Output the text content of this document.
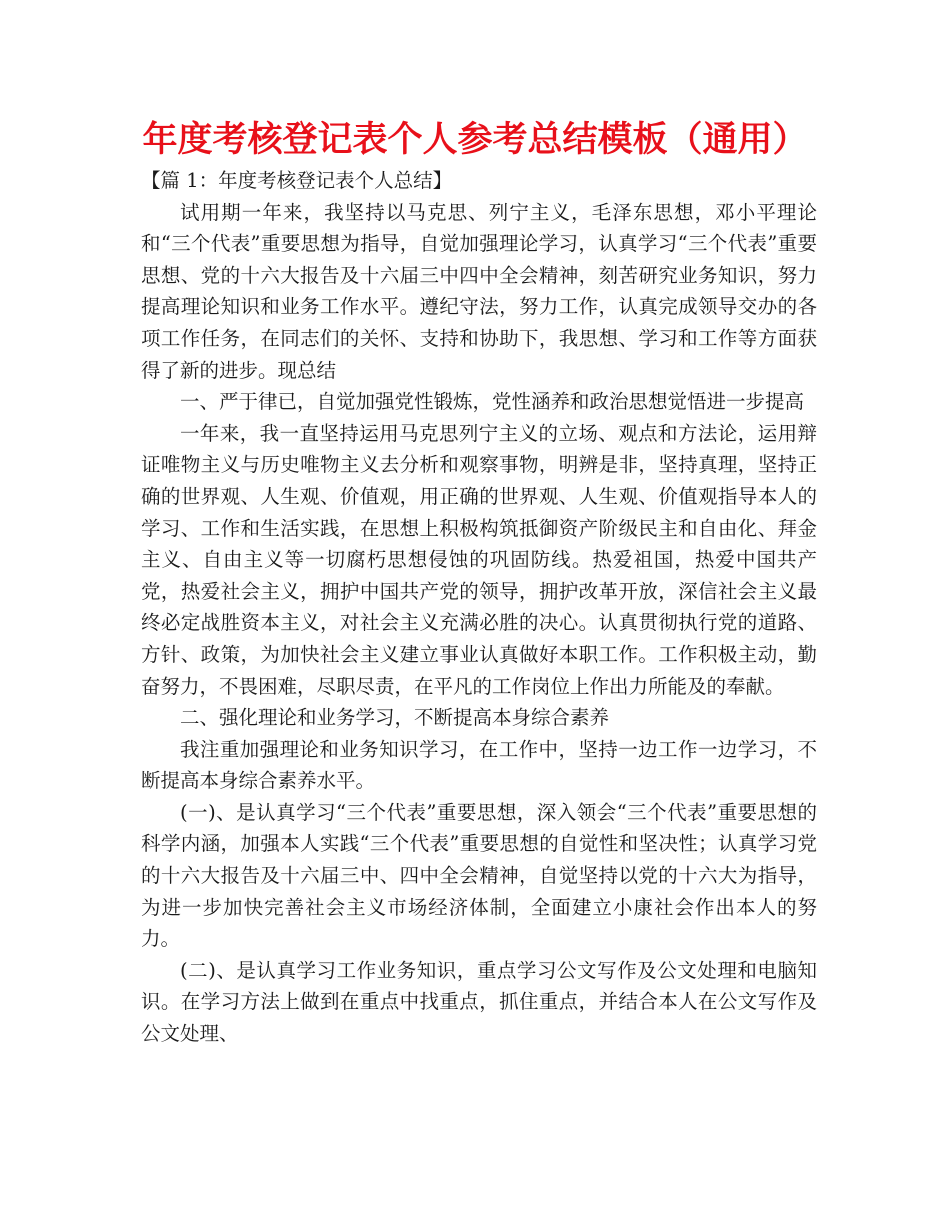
年度考核登记表个人参考总结模板（通用）

【篇 1：年度考核登记表个人总结】

试用期一年来，我坚持以马克思、列宁主义，毛泽东思想，邓小平理论和“三个代表”重要思想为指导，自觉加强理论学习，认真学习“三个代表”重要思想、党的十六大报告及十六届三中四中全会精神，刻苦研究业务知识，努力提高理论知识和业务工作水平。遵纪守法，努力工作，认真完成领导交办的各项工作任务，在同志们的关怀、支持和协助下，我思想、学习和工作等方面获得了新的进步。现总结

一、严于律已，自觉加强党性锻炼，党性涵养和政治思想觉悟进一步提高

一年来，我一直坚持运用马克思列宁主义的立场、观点和方法论，运用辩证唯物主义与历史唯物主义去分析和观察事物，明辨是非，坚持真理，坚持正确的世界观、人生观、价值观，用正确的世界观、人生观、价值观指导本人的学习、工作和生活实践，在思想上积极构筑抵御资产阶级民主和自由化、拜金主义、自由主义等一切腐朽思想侵蚀的巩固防线。热爱祖国，热爱中国共产党，热爱社会主义，拥护中国共产党的领导，拥护改革开放，深信社会主义最终必定战胜资本主义，对社会主义充满必胜的决心。认真贯彻执行党的道路、方针、政策，为加快社会主义建立事业认真做好本职工作。工作积极主动，勤奋努力，不畏困难，尽职尽责，在平凡的工作岗位上作出力所能及的奉献。

二、强化理论和业务学习，不断提高本身综合素养

我注重加强理论和业务知识学习，在工作中，坚持一边工作一边学习，不断提高本身综合素养水平。

(一)、是认真学习“三个代表”重要思想，深入领会“三个代表”重要思想的科学内涵，加强本人实践“三个代表”重要思想的自觉性和坚决性；认真学习党的十六大报告及十六届三中、四中全会精神，自觉坚持以党的十六大为指导，为进一步加快完善社会主义市场经济体制，全面建立小康社会作出本人的努力。

(二)、是认真学习工作业务知识，重点学习公文写作及公文处理和电脑知识。在学习方法上做到在重点中找重点，抓住重点，并结合本人在公文写作及公文处理、
